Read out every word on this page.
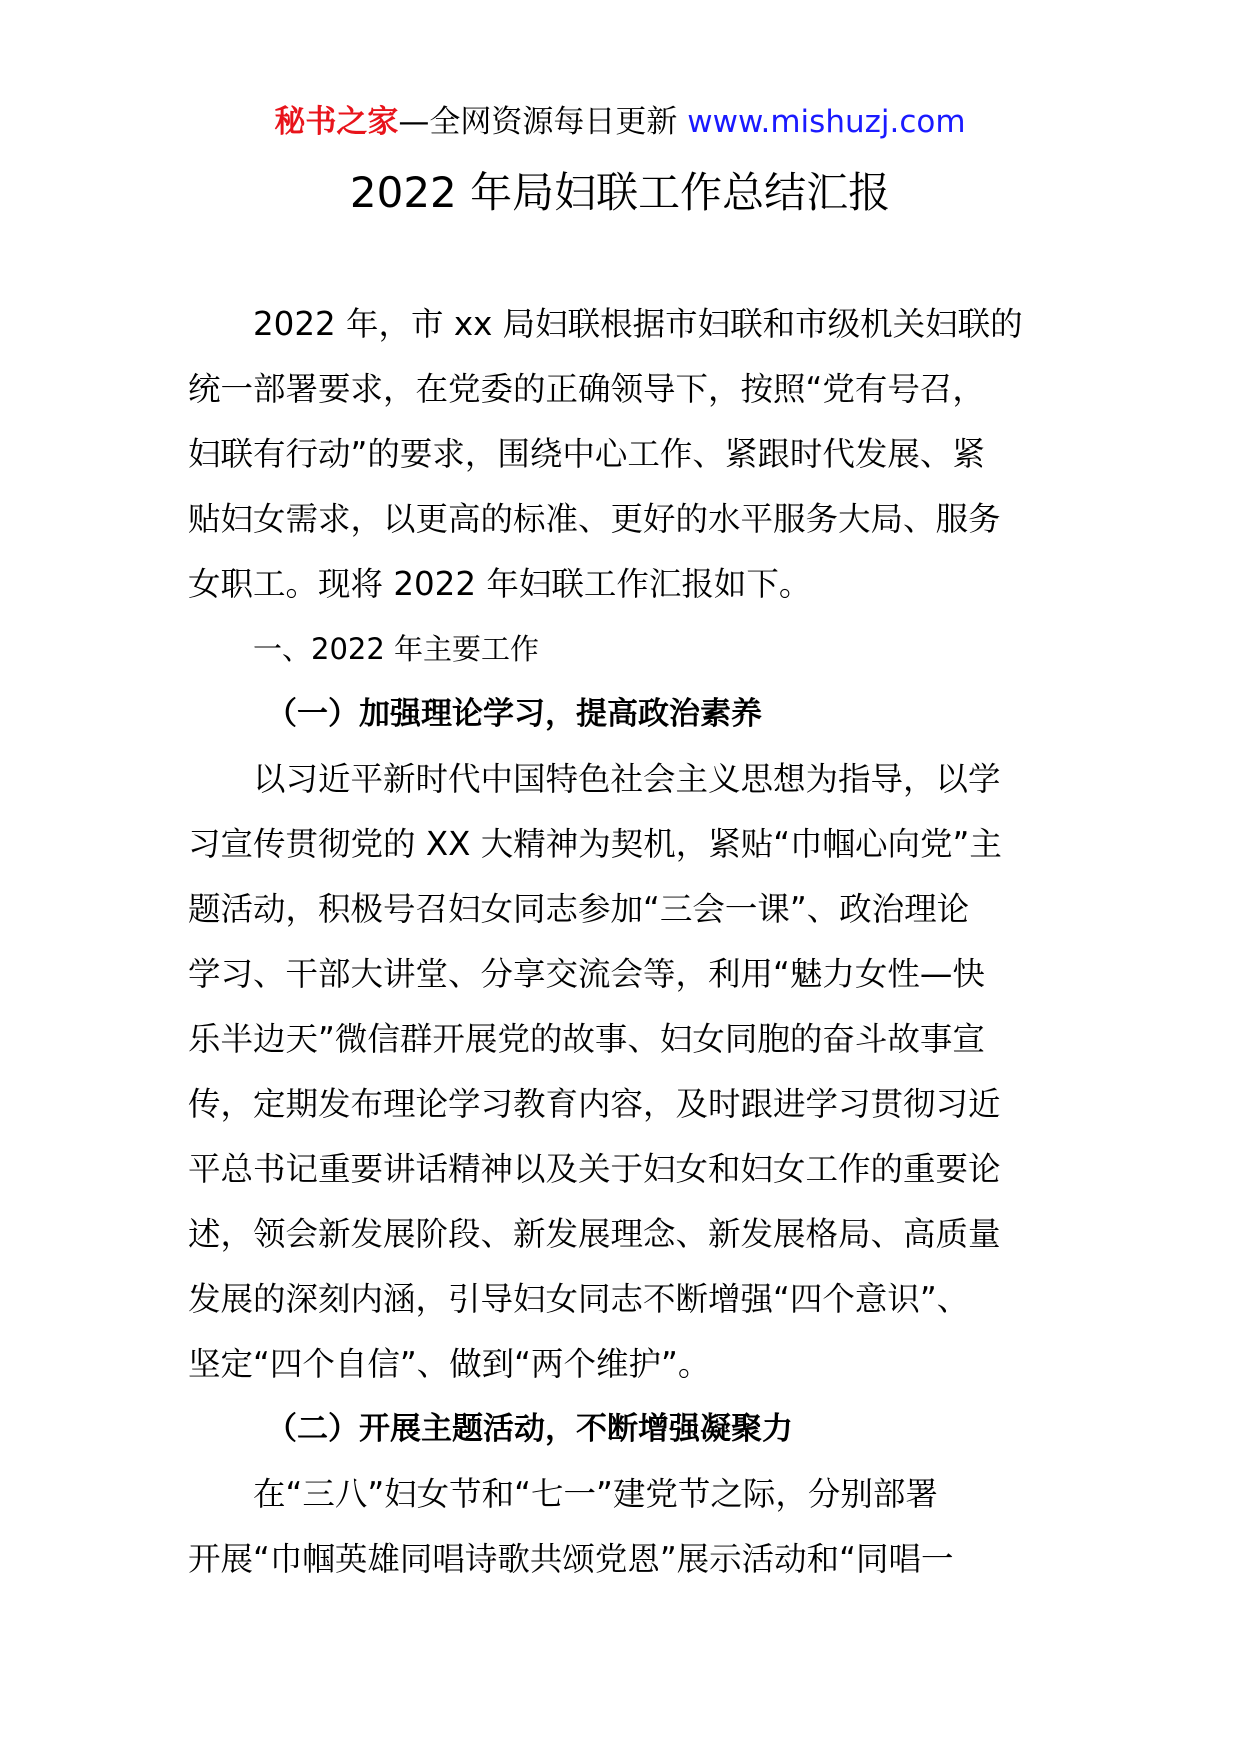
秘书之家—全网资源每日更新 www.mishuzj.com
2022 年局妇联工作总结汇报
2022 年，市 xx 局妇联根据市妇联和市级机关妇联的
统一部署要求，在党委的正确领导下，按照“党有号召，
妇联有行动”的要求，围绕中心工作、紧跟时代发展、紧
贴妇女需求，以更高的标准、更好的水平服务大局、服务
女职工。现将 2022 年妇联工作汇报如下。
一、2022 年主要工作
（一）加强理论学习，提高政治素养
以习近平新时代中国特色社会主义思想为指导，以学
习宣传贯彻党的 XX 大精神为契机，紧贴“巾帼心向党”主
题活动，积极号召妇女同志参加“三会一课”、政治理论
学习、干部大讲堂、分享交流会等，利用“魅力女性—快
乐半边天”微信群开展党的故事、妇女同胞的奋斗故事宣
传，定期发布理论学习教育内容，及时跟进学习贯彻习近
平总书记重要讲话精神以及关于妇女和妇女工作的重要论
述，领会新发展阶段、新发展理念、新发展格局、高质量
发展的深刻内涵，引导妇女同志不断增强“四个意识”、
坚定“四个自信”、做到“两个维护”。
（二）开展主题活动，不断增强凝聚力
在“三八”妇女节和“七一”建党节之际，分别部署
开展“巾帼英雄同唱诗歌共颂党恩”展示活动和“同唱一
